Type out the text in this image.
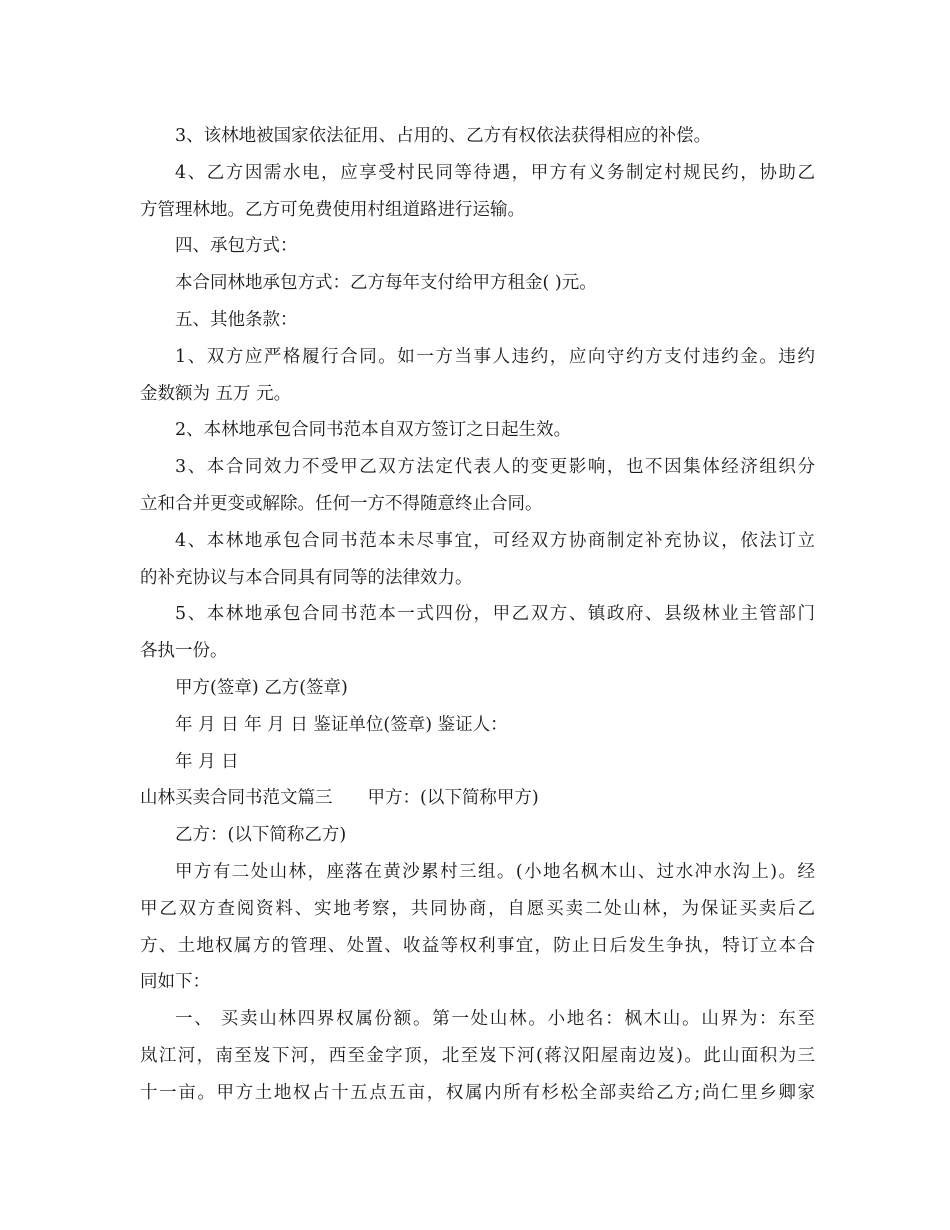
3、该林地被国家依法征用、占用的、乙方有权依法获得相应的补偿。
4、乙方因需水电，应享受村民同等待遇，甲方有义务制定村规民约，协助乙
方管理林地。乙方可免费使用村组道路进行运输。
四、承包方式：
本合同林地承包方式：乙方每年支付给甲方租金( )元。
五、其他条款：
1、双方应严格履行合同。如一方当事人违约，应向守约方支付违约金。违约
金数额为 五万 元。
2、本林地承包合同书范本自双方签订之日起生效。
3、本合同效力不受甲乙双方法定代表人的变更影响，也不因集体经济组织分
立和合并更变或解除。任何一方不得随意终止合同。
4、本林地承包合同书范本未尽事宜，可经双方协商制定补充协议，依法订立
的补充协议与本合同具有同等的法律效力。
5、本林地承包合同书范本一式四份，甲乙双方、镇政府、县级林业主管部门
各执一份。
甲方(签章) 乙方(签章)
年 月 日 年 月 日 鉴证单位(签章) 鉴证人：
年 月 日
山林买卖合同书范文篇三　　甲方：(以下简称甲方)
乙方：(以下简称乙方)
甲方有二处山林，座落在黄沙累村三组。(小地名枫木山、过水冲水沟上)。经
甲乙双方查阅资料、实地考察，共同协商，自愿买卖二处山林，为保证买卖后乙
方、土地权属方的管理、处置、收益等权利事宜，防止日后发生争执，特订立本合
同如下：
一、 买卖山林四界权属份额。第一处山林。小地名：枫木山。山界为：东至
岚江河，南至岌下河，西至金字顶，北至岌下河(蒋汉阳屋南边岌)。此山面积为三
十一亩。甲方土地权占十五点五亩，权属内所有杉松全部卖给乙方;尚仁里乡卿家
